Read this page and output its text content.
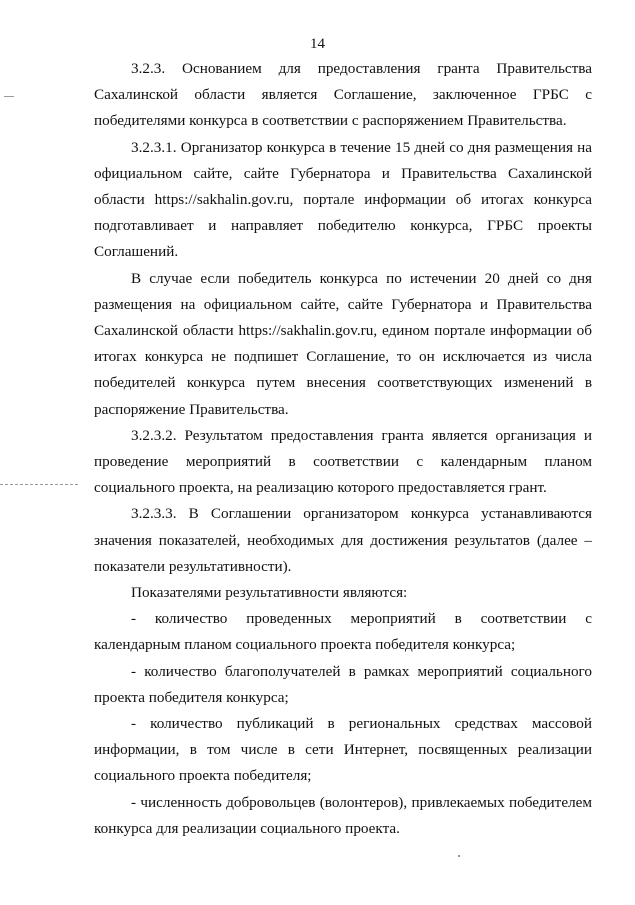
14

3.2.3. Основанием для предоставления гранта Правительства Сахалинской области является Соглашение, заключенное ГРБС с победителями конкурса в соответствии с распоряжением Правительства.

3.2.3.1. Организатор конкурса в течение 15 дней со дня размещения на официальном сайте, сайте Губернатора и Правительства Сахалинской области https://sakhalin.gov.ru, портале информации об итогах конкурса подготавливает и направляет победителю конкурса, ГРБС проекты Соглашений.

В случае если победитель конкурса по истечении 20 дней со дня размещения на официальном сайте, сайте Губернатора и Правительства Сахалинской области https://sakhalin.gov.ru, едином портале информации об итогах конкурса не подпишет Соглашение, то он исключается из числа победителей конкурса путем внесения соответствующих изменений в распоряжение Правительства.

3.2.3.2. Результатом предоставления гранта является организация и проведение мероприятий в соответствии с календарным планом социального проекта, на реализацию которого предоставляется грант.

3.2.3.3. В Соглашении организатором конкурса устанавливаются значения показателей, необходимых для достижения результатов (далее – показатели результативности).

Показателями результативности являются:

- количество проведенных мероприятий в соответствии с календарным планом социального проекта победителя конкурса;

- количество благополучателей в рамках мероприятий социального проекта победителя конкурса;

- количество публикаций в региональных средствах массовой информации, в том числе в сети Интернет, посвященных реализации социального проекта победителя;

- численность добровольцев (волонтеров), привлекаемых победителем конкурса для реализации социального проекта.
